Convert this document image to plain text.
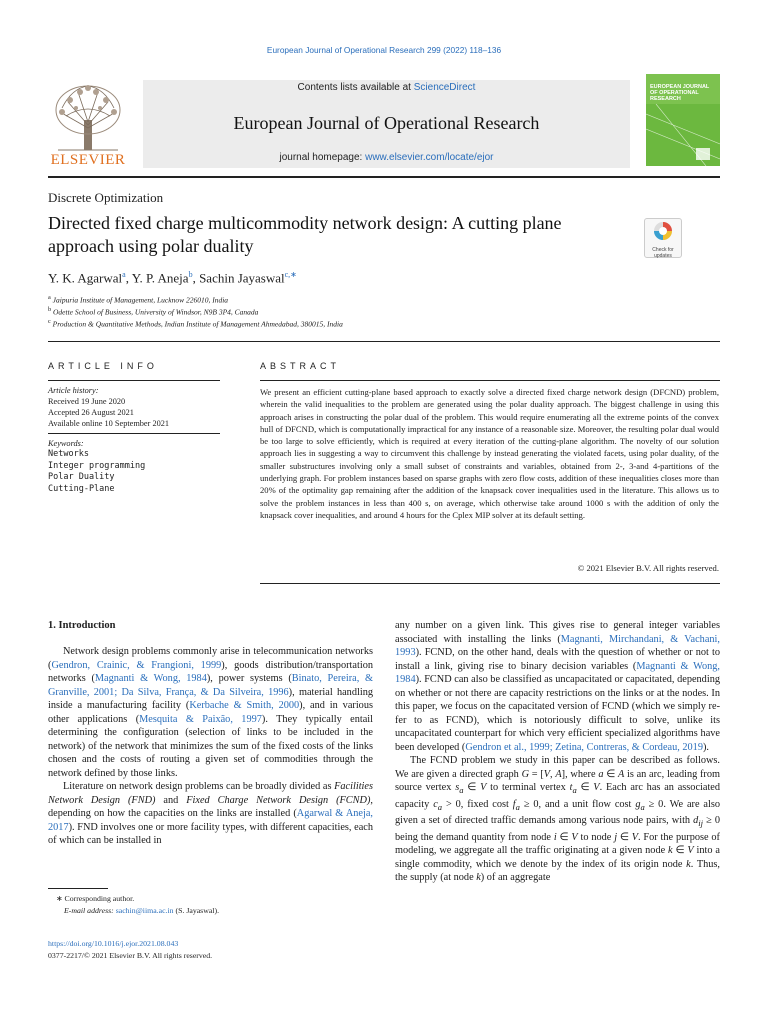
European Journal of Operational Research 299 (2022) 118–136
ELSEVIER
Contents lists available at ScienceDirect
European Journal of Operational Research
journal homepage: www.elsevier.com/locate/ejor
EUROPEAN JOURNAL OF OPERATIONAL RESEARCH
Discrete Optimization
Directed fixed charge multicommodity network design: A cutting plane approach using polar duality	Check for updates
Y. K. Agarwal$^a$, Y. P. Aneja$^b$, Sachin Jayaswal$^{c,∗}$
$^a$ Jaipuria Institute of Management, Lucknow 226010, India
$^b$ Odette School of Business, University of Windsor, N9B 3P4, Canada
$^c$ Production & Quantitative Methods, Indian Institute of Management Ahmedabad, 380015, India
ARTICLE INFO
Article history:
Received 19 June 2020
Accepted 26 August 2021
Available online 10 September 2021
Keywords:
Networks
Integer programming
Polar Duality
Cutting-Plane
ABSTRACT
We present an efficient cutting-plane based approach to exactly solve a directed fixed charge network design (DFCND) problem, wherein the valid inequalities to the problem are generated using the polar duality approach. The biggest challenge in using this approach arises in constructing the polar dual of the problem. This would require enumerating all the extreme points of the convex hull of DFCND, which is computationally impractical for any instance of a reasonable size. Moreover, the resulting polar dual would be too large to solve efficiently, which is required at every iteration of the cutting-plane algorithm. The novelty of our solution approach lies in suggesting a way to circumvent this challenge by instead generating the violated facets, using polar duality, of the smaller substructures involving only a small subset of constraints and variables, obtained from 2-, 3-and 4-partitions of the underlying graph. For problem instances based on sparse graphs with zero flow costs, addition of these inequalities closes more than 20% of the optimality gap remaining after the addition of the knapsack cover inequalities used in the literature. This allows us to solve the problem instances in less than 400 s, on average, which otherwise take around 1000 s with the addition of only the knapsack cover inequalities, and around 4 hours for the Cplex MIP solver at its default setting.
© 2021 Elsevier B.V. All rights reserved.
1. Introduction

Network design problems commonly arise in telecommunication networks (Gendron, Crainic, & Frangioni, 1999), goods distribution/transportation networks (Magnanti & Wong, 1984), power systems (Binato, Pereira, & Granville, 2001; Da Silva, França, & Da Silveira, 1996), material handling inside a manufacturing facility (Kerbache & Smith, 2000), and in various other applications (Mesquita & Paixão, 1997). They typically entail determining the configuration (selection of links to be included in the network) of the network that minimizes the sum of the fixed costs of the links chosen and the costs of routing a given set of commodities through the network defined by those links.

Literature on network design problems can be broadly divided as Facilities Network Design (FND) and Fixed Charge Network Design (FCND), depending on how the capacities on the links are installed (Agarwal & Aneja, 2017). FND involves one or more facility types, with different capacities, each of which can be installed in

∗ Corresponding author.
E-mail address: sachin@iima.ac.in (S. Jayaswal).
https://doi.org/10.1016/j.ejor.2021.08.043
0377-2217/© 2021 Elsevier B.V. All rights reserved.

any number on a given link. This gives rise to general integer variables associated with installing the links (Magnanti, Mirchandani, & Vachani, 1993). FCND, on the other hand, deals with the question of whether or not to install a link, giving rise to binary decision variables (Magnanti & Wong, 1984). FCND can also be classified as uncapacitated or capacitated, depending on whether or not there are capacity restrictions on the links or at the nodes. In this paper, we focus on the capacitated version of FCND (which we simply refer to as FCND), which is notoriously difficult to solve, unlike its uncapacitated counterpart for which very efficient specialized algorithms have been developed (Gendron et al., 1999; Zetina, Contreras, & Cordeau, 2019).

The FCND problem we study in this paper can be described as follows. We are given a directed graph G = [V, A], where a ∈ A is an arc, leading from source vertex $s_a$ ∈ V to terminal vertex $t_a$ ∈ V. Each arc has an associated capacity $c_a > 0$, fixed cost $f_a \ge 0$, and a unit flow cost $g_a \ge 0$. We are also given a set of directed traffic demands among various node pairs, with $d_{ij} \ge 0$ being the demand quantity from node i ∈ V to node j ∈ V. For the purpose of modeling, we aggregate all the traffic originating at a given node k ∈ V into a single commodity, which we denote by the index of its origin node k. Thus, the supply (at node k) of an aggregate
